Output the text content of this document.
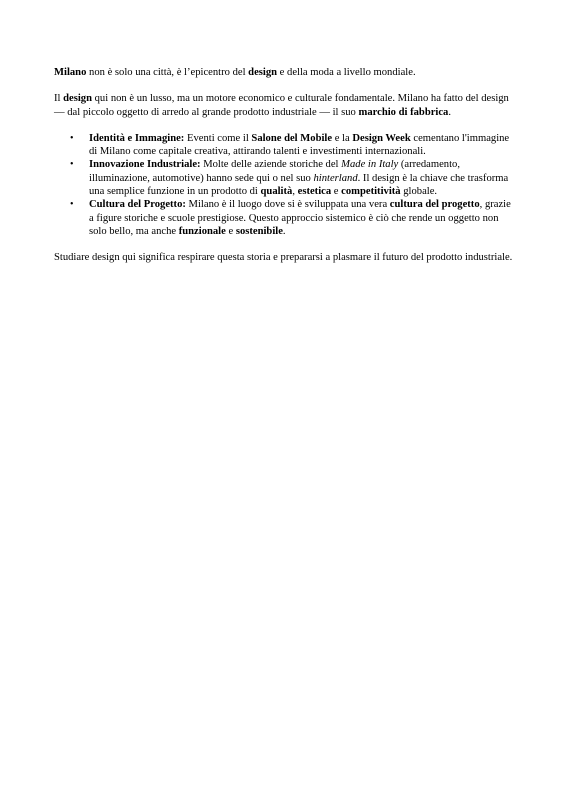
Milano non è solo una città, è l’epicentro del design e della moda a livello mondiale.

Il design qui non è un lusso, ma un motore economico e culturale fondamentale. Milano ha fatto del design — dal piccolo oggetto di arredo al grande prodotto industriale — il suo marchio di fabbrica.

• Identità e Immagine: Eventi come il Salone del Mobile e la Design Week cementano l'immagine di Milano come capitale creativa, attirando talenti e investimenti internazionali.
• Innovazione Industriale: Molte delle aziende storiche del Made in Italy (arredamento, illuminazione, automotive) hanno sede qui o nel suo hinterland. Il design è la chiave che trasforma una semplice funzione in un prodotto di qualità, estetica e competitività globale.
• Cultura del Progetto: Milano è il luogo dove si è sviluppata una vera cultura del progetto, grazie a figure storiche e scuole prestigiose. Questo approccio sistemico è ciò che rende un oggetto non solo bello, ma anche funzionale e sostenibile.

Studiare design qui significa respirare questa storia e prepararsi a plasmare il futuro del prodotto industriale.
